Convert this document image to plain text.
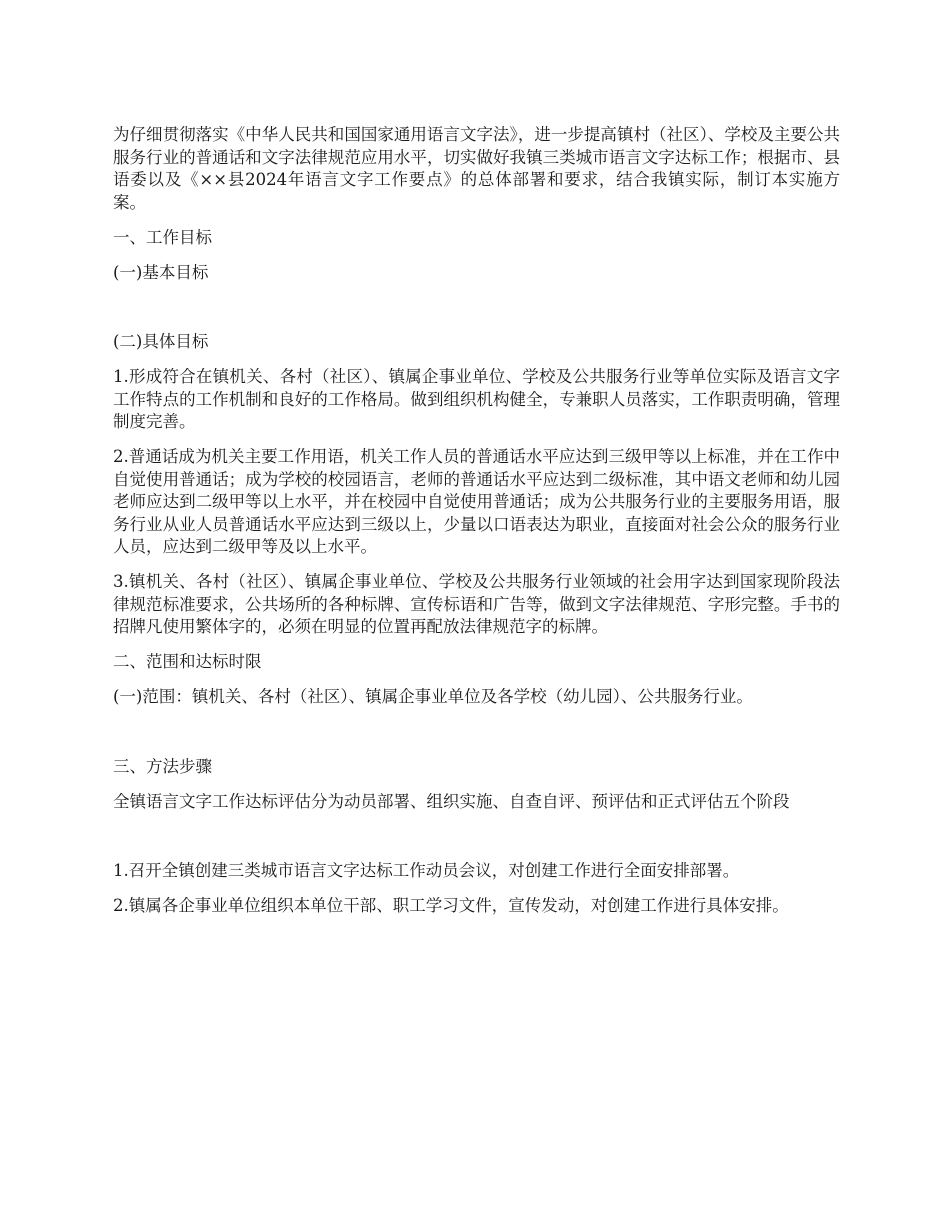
为仔细贯彻落实《中华人民共和国国家通用语言文字法》，进一步提高镇村（社区）、学校及主要公共服务行业的普通话和文字法律规范应用水平，切实做好我镇三类城市语言文字达标工作；根据市、县语委以及《××县2024年语言文字工作要点》的总体部署和要求，结合我镇实际，制订本实施方案。

一、工作目标

(一)基本目标

(二)具体目标

1.形成符合在镇机关、各村（社区）、镇属企事业单位、学校及公共服务行业等单位实际及语言文字工作特点的工作机制和良好的工作格局。做到组织机构健全，专兼职人员落实，工作职责明确，管理制度完善。

2.普通话成为机关主要工作用语，机关工作人员的普通话水平应达到三级甲等以上标准，并在工作中自觉使用普通话；成为学校的校园语言，老师的普通话水平应达到二级标准，其中语文老师和幼儿园老师应达到二级甲等以上水平，并在校园中自觉使用普通话；成为公共服务行业的主要服务用语，服务行业从业人员普通话水平应达到三级以上，少量以口语表达为职业，直接面对社会公众的服务行业人员，应达到二级甲等及以上水平。

3.镇机关、各村（社区）、镇属企事业单位、学校及公共服务行业领域的社会用字达到国家现阶段法律规范标准要求，公共场所的各种标牌、宣传标语和广告等，做到文字法律规范、字形完整。手书的招牌凡使用繁体字的，必须在明显的位置再配放法律规范字的标牌。

二、范围和达标时限

(一)范围：镇机关、各村（社区）、镇属企事业单位及各学校（幼儿园）、公共服务行业。

三、方法步骤

全镇语言文字工作达标评估分为动员部署、组织实施、自查自评、预评估和正式评估五个阶段

1.召开全镇创建三类城市语言文字达标工作动员会议，对创建工作进行全面安排部署。

2.镇属各企事业单位组织本单位干部、职工学习文件，宣传发动，对创建工作进行具体安排。
